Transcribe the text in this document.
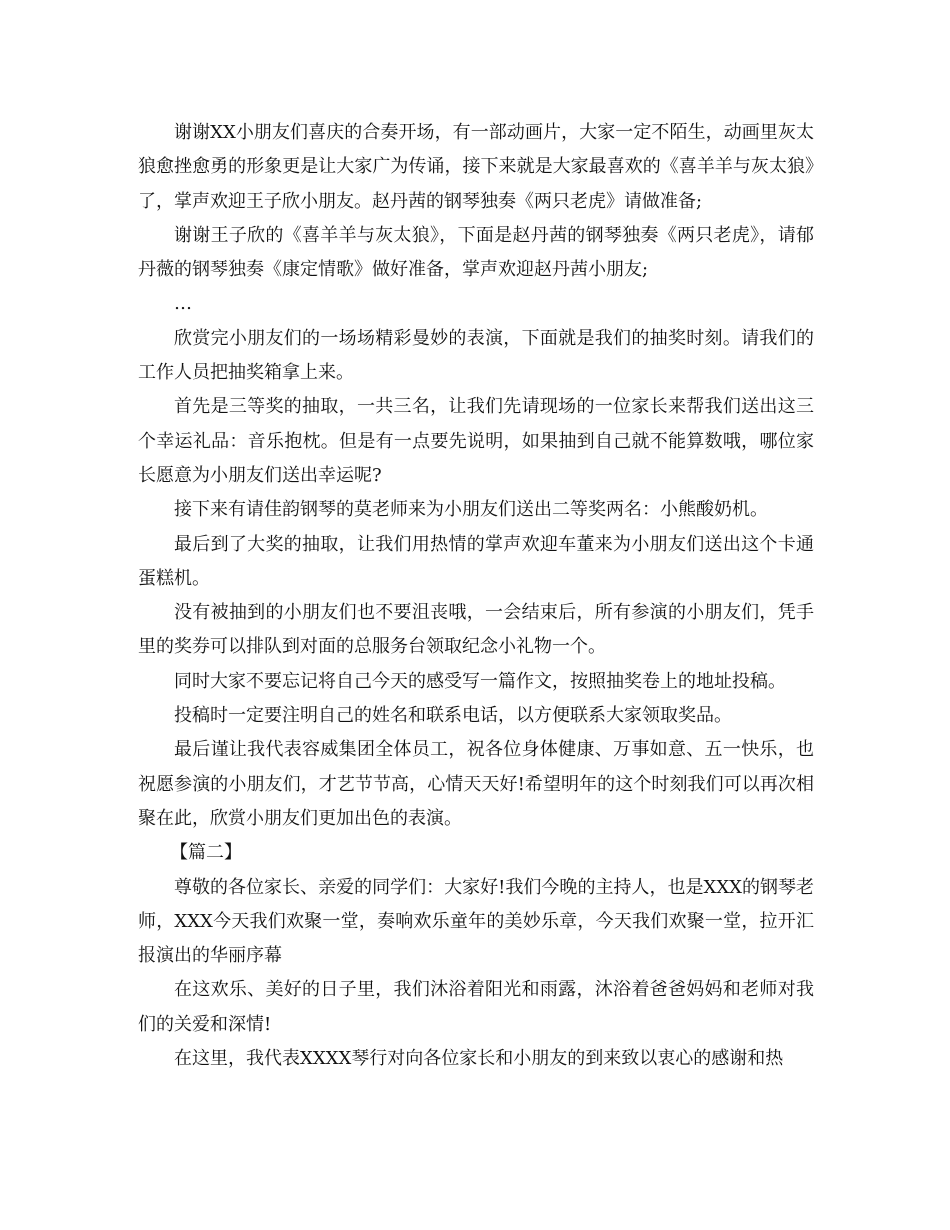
谢谢XX小朋友们喜庆的合奏开场，有一部动画片，大家一定不陌生，动画里灰太狼愈挫愈勇的形象更是让大家广为传诵，接下来就是大家最喜欢的《喜羊羊与灰太狼》了，掌声欢迎王子欣小朋友。赵丹茜的钢琴独奏《两只老虎》请做准备;

谢谢王子欣的《喜羊羊与灰太狼》，下面是赵丹茜的钢琴独奏《两只老虎》，请郁丹薇的钢琴独奏《康定情歌》做好准备，掌声欢迎赵丹茜小朋友;

…

欣赏完小朋友们的一场场精彩曼妙的表演，下面就是我们的抽奖时刻。请我们的工作人员把抽奖箱拿上来。

首先是三等奖的抽取，一共三名，让我们先请现场的一位家长来帮我们送出这三个幸运礼品：音乐抱枕。但是有一点要先说明，如果抽到自己就不能算数哦，哪位家长愿意为小朋友们送出幸运呢?

接下来有请佳韵钢琴的莫老师来为小朋友们送出二等奖两名：小熊酸奶机。

最后到了大奖的抽取，让我们用热情的掌声欢迎车董来为小朋友们送出这个卡通蛋糕机。

没有被抽到的小朋友们也不要沮丧哦，一会结束后，所有参演的小朋友们，凭手里的奖券可以排队到对面的总服务台领取纪念小礼物一个。

同时大家不要忘记将自己今天的感受写一篇作文，按照抽奖卷上的地址投稿。

投稿时一定要注明自己的姓名和联系电话，以方便联系大家领取奖品。

最后谨让我代表容威集团全体员工，祝各位身体健康、万事如意、五一快乐，也祝愿参演的小朋友们，才艺节节高，心情天天好!希望明年的这个时刻我们可以再次相聚在此，欣赏小朋友们更加出色的表演。

【篇二】

尊敬的各位家长、亲爱的同学们：大家好!我们今晚的主持人，也是XXX的钢琴老师，XXX今天我们欢聚一堂，奏响欢乐童年的美妙乐章，今天我们欢聚一堂，拉开汇报演出的华丽序幕

在这欢乐、美好的日子里，我们沐浴着阳光和雨露，沐浴着爸爸妈妈和老师对我们的关爱和深情!

在这里，我代表XXXX琴行对向各位家长和小朋友的到来致以衷心的感谢和热
